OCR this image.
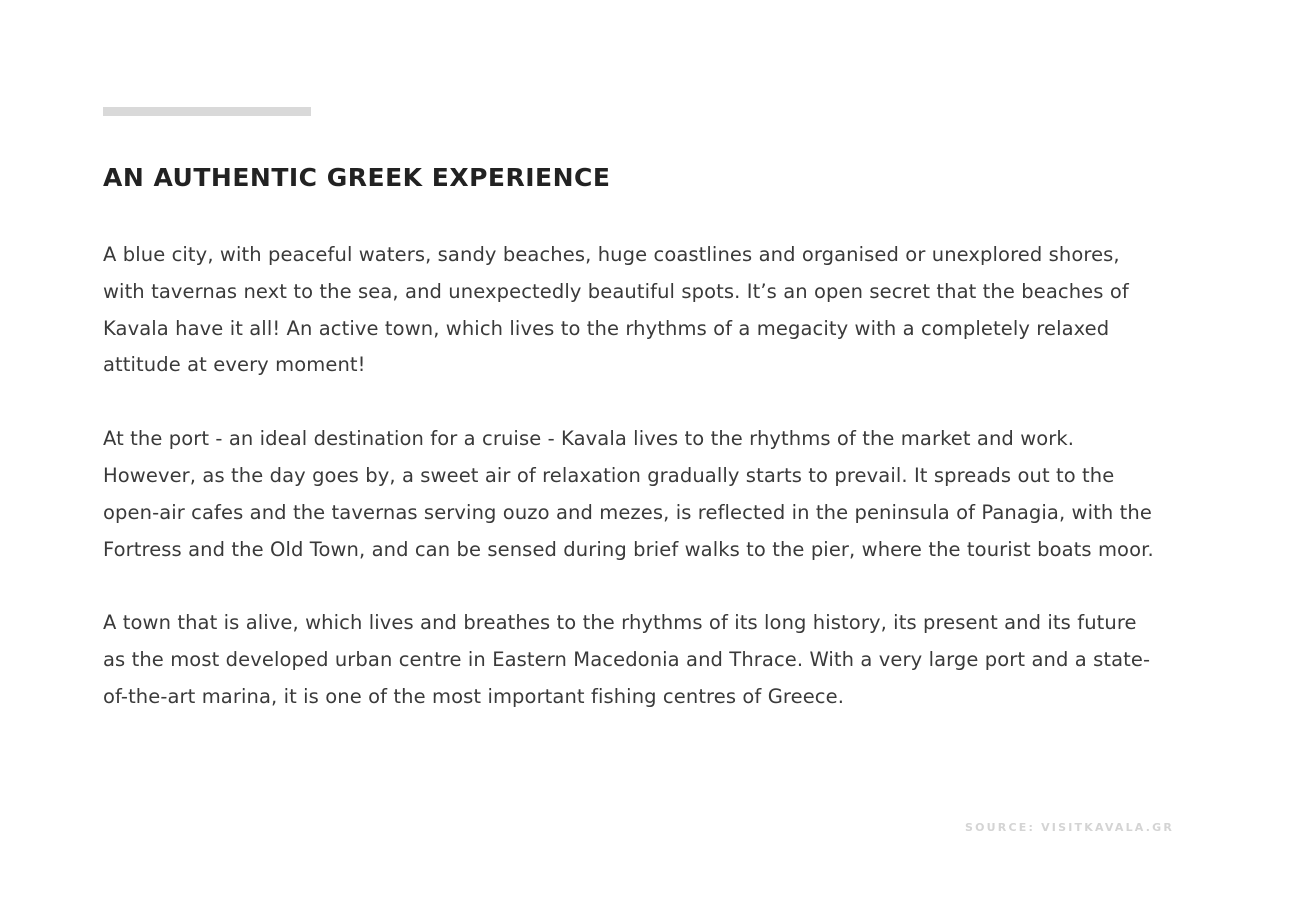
AN AUTHENTIC GREEK EXPERIENCE

A blue city, with peaceful waters, sandy beaches, huge coastlines and organised or unexplored shores, with tavernas next to the sea, and unexpectedly beautiful spots. It’s an open secret that the beaches of Kavala have it all! An active town, which lives to the rhythms of a megacity with a completely relaxed attitude at every moment!

At the port - an ideal destination for a cruise - Kavala lives to the rhythms of the market and work. However, as the day goes by, a sweet air of relaxation gradually starts to prevail. It spreads out to the open-air cafes and the tavernas serving ouzo and mezes, is reflected in the peninsula of Panagia, with the Fortress and the Old Town, and can be sensed during brief walks to the pier, where the tourist boats moor.

A town that is alive, which lives and breathes to the rhythms of its long history, its present and its future as the most developed urban centre in Eastern Macedonia and Thrace. With a very large port and a state-of-the-art marina, it is one of the most important fishing centres of Greece.

SOURCE: VISITKAVALA.GR
